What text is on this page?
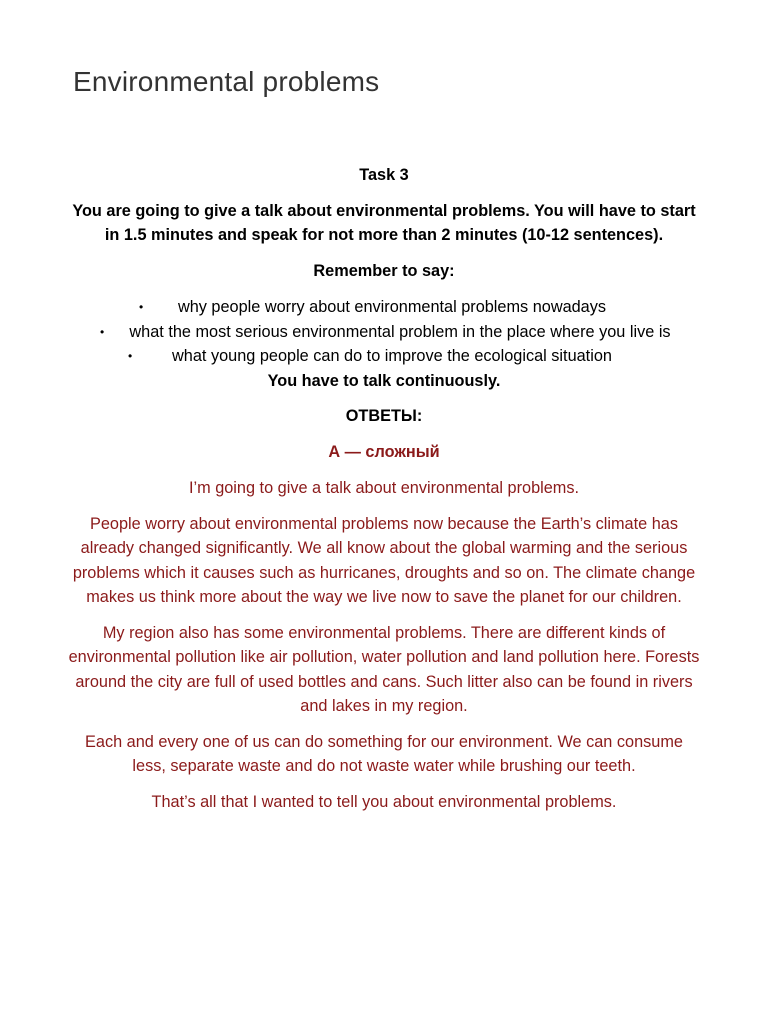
Environmental problems

Task 3

You are going to give a talk about environmental problems. You will have to start in 1.5 minutes and speak for not more than 2 minutes (10-12 sentences).

Remember to say:

• why people worry about environmental problems nowadays
• what the most serious environmental problem in the place where you live is
• what young people can do to improve the ecological situation

You have to talk continuously.

ОТВЕТЫ:

А — сложный

I’m going to give a talk about environmental problems.

People worry about environmental problems now because the Earth’s climate has already changed significantly. We all know about the global warming and the serious problems which it causes such as hurricanes, droughts and so on. The climate change makes us think more about the way we live now to save the planet for our children.

My region also has some environmental problems. There are different kinds of environmental pollution like air pollution, water pollution and land pollution here. Forests around the city are full of used bottles and cans. Such litter also can be found in rivers and lakes in my region.

Each and every one of us can do something for our environment. We can consume less, separate waste and do not waste water while brushing our teeth.

That’s all that I wanted to tell you about environmental problems.
